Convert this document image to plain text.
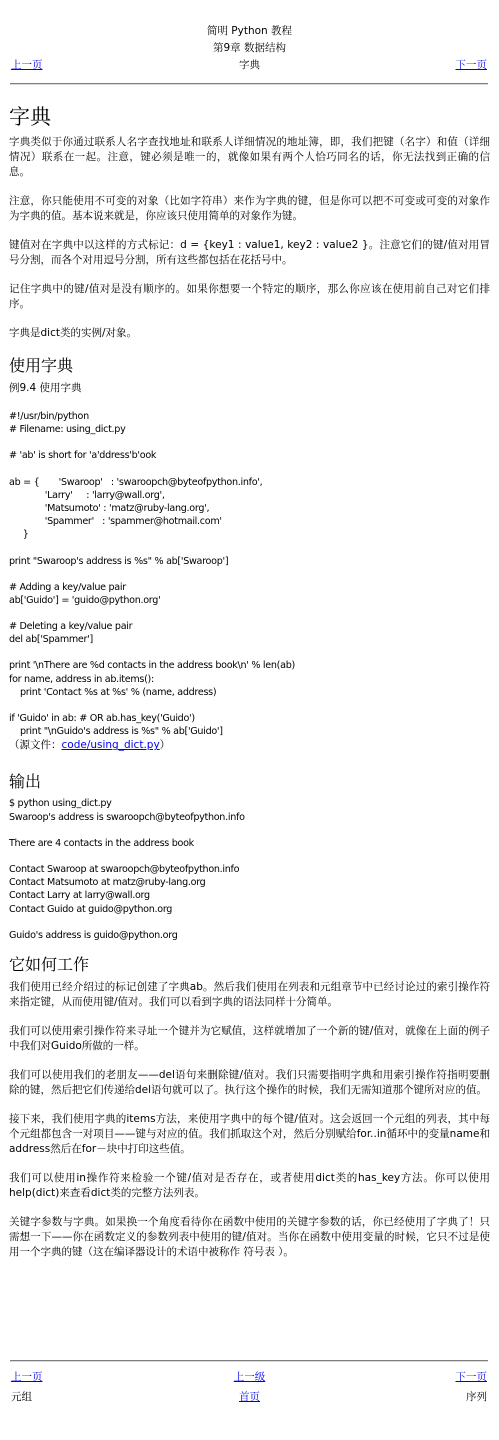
简明 Python 教程
第9章 数据结构
字典
上一页	下一页
字典

字典类似于你通过联系人名字查找地址和联系人详细情况的地址簿，即，我们把键（名字）和值（详细情况）联系在一起。注意，键必须是唯一的，就像如果有两个人恰巧同名的话，你无法找到正确的信息。

注意，你只能使用不可变的对象（比如字符串）来作为字典的键，但是你可以把不可变或可变的对象作为字典的值。基本说来就是，你应该只使用简单的对象作为键。

键值对在字典中以这样的方式标记：d = {key1 : value1, key2 : value2 }。注意它们的键/值对用冒号分割，而各个对用逗号分割，所有这些都包括在花括号中。

记住字典中的键/值对是没有顺序的。如果你想要一个特定的顺序，那么你应该在使用前自己对它们排序。

字典是dict类的实例/对象。

使用字典

例9.4 使用字典

#!/usr/bin/python
# Filename: using_dict.py
# 'ab' is short for 'a'ddress'b'ook
ab = {       'Swaroop'   : 'swaroopch@byteofpython.info',
'Larry'     : 'larry@wall.org',
'Matsumoto' : 'matz@ruby-lang.org',
'Spammer'   : 'spammer@hotmail.com'
}
print "Swaroop's address is %s" % ab['Swaroop']
# Adding a key/value pair
ab['Guido'] = 'guido@python.org'
# Deleting a key/value pair
del ab['Spammer']
print '\nThere are %d contacts in the address book\n' % len(ab)
for name, address in ab.items():
print 'Contact %s at %s' % (name, address)
if 'Guido' in ab: # OR ab.has_key('Guido')
print "\nGuido's address is %s" % ab['Guido']

（源文件：code/using_dict.py）

输出
$ python using_dict.py
Swaroop's address is swaroopch@byteofpython.info
There are 4 contacts in the address book
Contact Swaroop at swaroopch@byteofpython.info
Contact Matsumoto at matz@ruby-lang.org
Contact Larry at larry@wall.org
Contact Guido at guido@python.org
Guido's address is guido@python.org
它如何工作

我们使用已经介绍过的标记创建了字典ab。然后我们使用在列表和元组章节中已经讨论过的索引操作符来指定键，从而使用键/值对。我们可以看到字典的语法同样十分简单。

我们可以使用索引操作符来寻址一个键并为它赋值，这样就增加了一个新的键/值对，就像在上面的例子中我们对Guido所做的一样。

我们可以使用我们的老朋友——del语句来删除键/值对。我们只需要指明字典和用索引操作符指明要删除的键，然后把它们传递给del语句就可以了。执行这个操作的时候，我们无需知道那个键所对应的值。

接下来，我们使用字典的items方法，来使用字典中的每个键/值对。这会返回一个元组的列表，其中每个元组都包含一对项目——键与对应的值。我们抓取这个对，然后分别赋给for..in循环中的变量name和address然后在for－块中打印这些值。

我们可以使用in操作符来检验一个键/值对是否存在，或者使用dict类的has_key方法。你可以使用help(dict)来查看dict类的完整方法列表。

关键字参数与字典。如果换一个角度看待你在函数中使用的关键字参数的话，你已经使用了字典了！只需想一下——你在函数定义的参数列表中使用的键/值对。当你在函数中使用变量的时候，它只不过是使用一个字典的键（这在编译器设计的术语中被称作 符号表 ）。

上一页	上一级	下一页
元组	首页	序列
